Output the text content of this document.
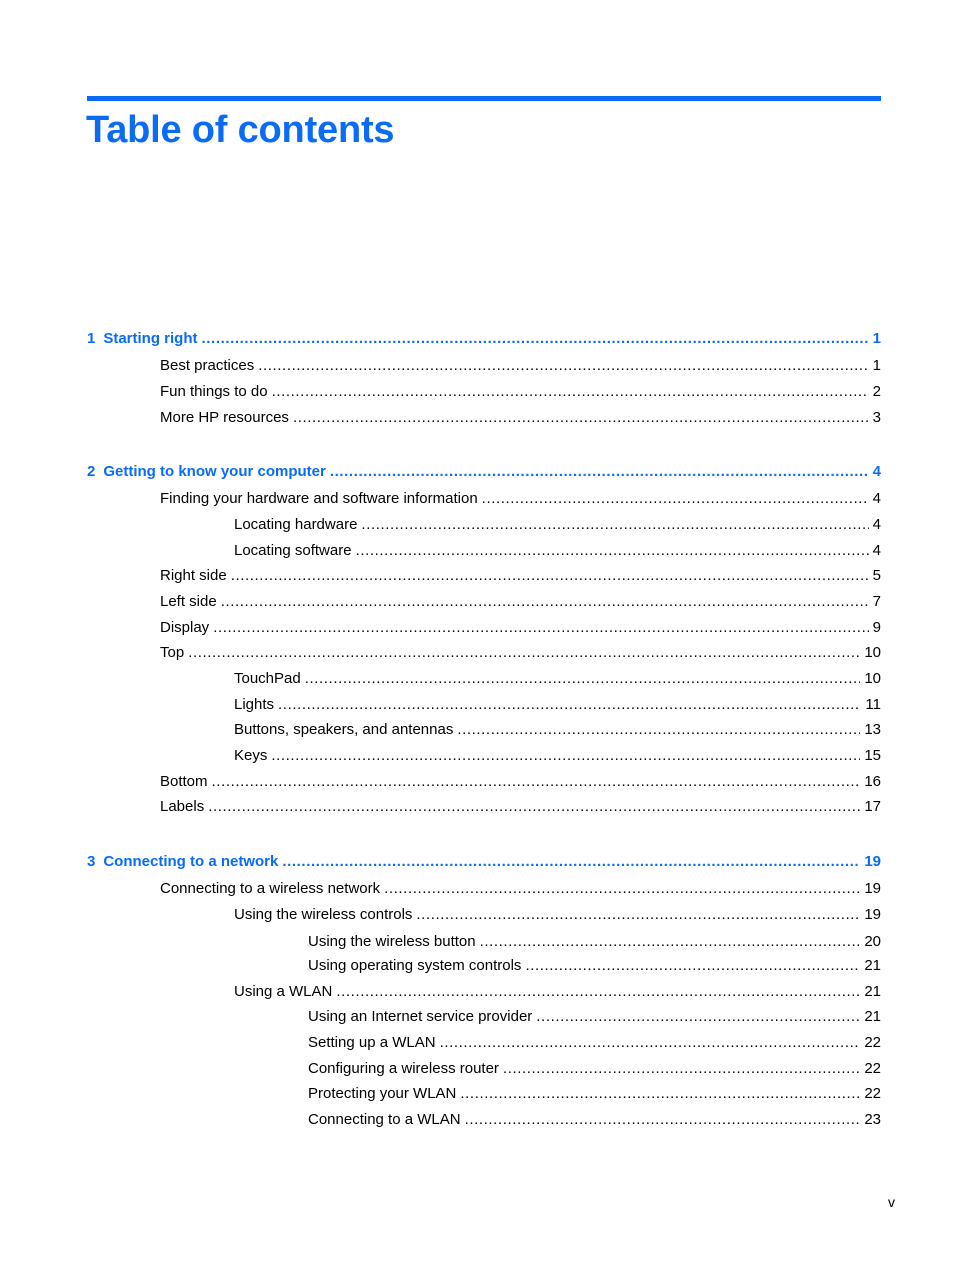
Table of contents
1 Starting right .....	1
Best practices .....	1
Fun things to do .....	2
More HP resources .....	3
2 Getting to know your computer .....	4
Finding your hardware and software information .....	4
Locating hardware .....	4
Locating software .....	4
Right side .....	5
Left side .....	7
Display .....	9
Top .....	10
TouchPad .....	10
Lights .....	11
Buttons, speakers, and antennas .....	13
Keys .....	15
Bottom .....	16
Labels .....	17
3 Connecting to a network .....	19
Connecting to a wireless network .....	19
Using the wireless controls .....	19
Using the wireless button .....	20
Using operating system controls .....	21
Using a WLAN .....	21
Using an Internet service provider .....	21
Setting up a WLAN .....	22
Configuring a wireless router .....	22
Protecting your WLAN .....	22
Connecting to a WLAN .....	23
v
